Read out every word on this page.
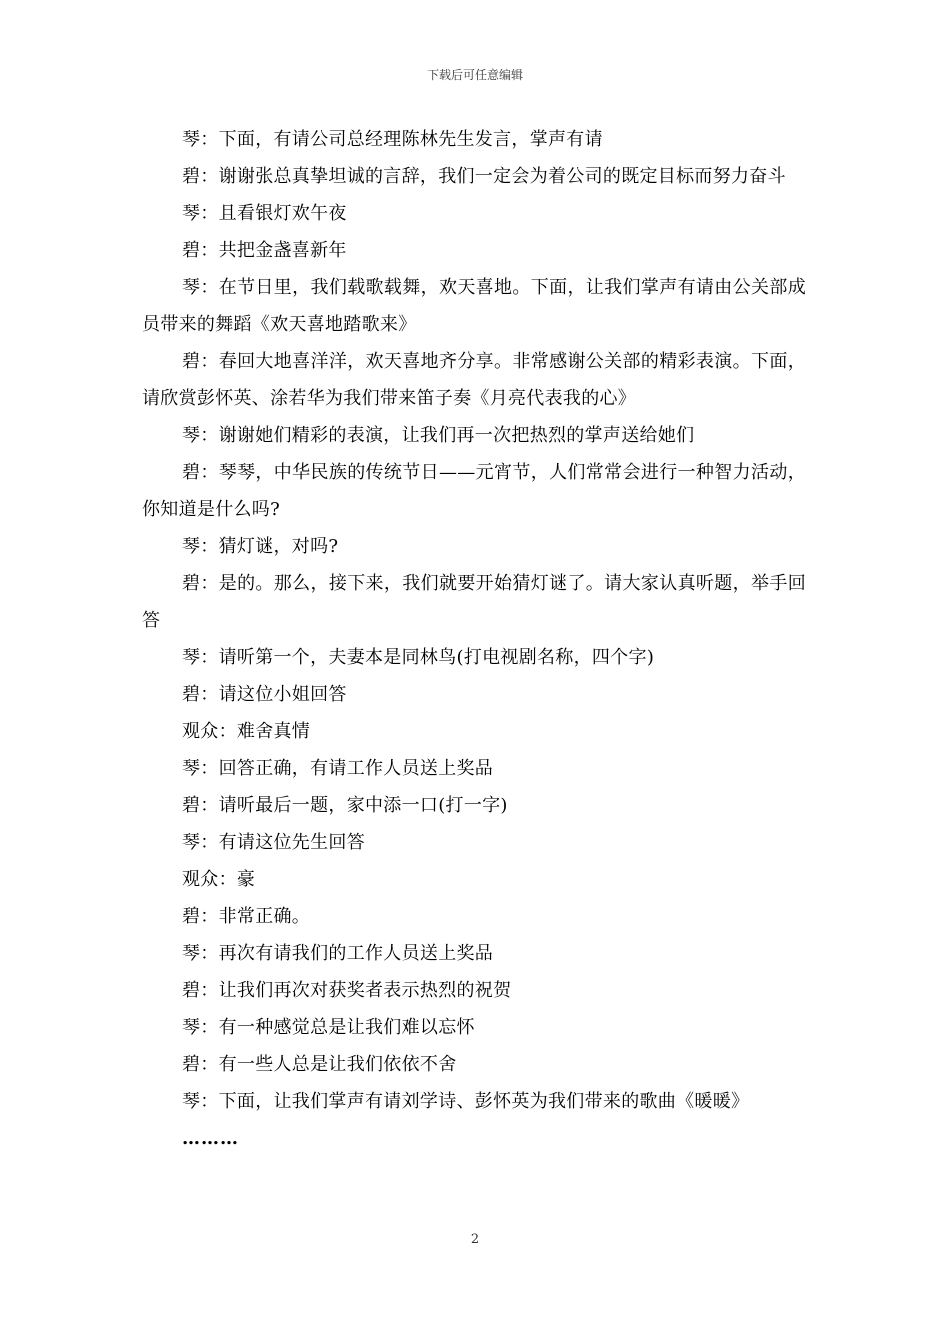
下载后可任意编辑

琴：下面，有请公司总经理陈林先生发言，掌声有请

碧：谢谢张总真挚坦诚的言辞，我们一定会为着公司的既定目标而努力奋斗

琴：且看银灯欢午夜

碧：共把金盏喜新年

琴：在节日里，我们载歌载舞，欢天喜地。下面，让我们掌声有请由公关部成员带来的舞蹈《欢天喜地踏歌来》

碧：春回大地喜洋洋，欢天喜地齐分享。非常感谢公关部的精彩表演。下面，请欣赏彭怀英、涂若华为我们带来笛子奏《月亮代表我的心》

琴：谢谢她们精彩的表演，让我们再一次把热烈的掌声送给她们

碧：琴琴，中华民族的传统节日——元宵节，人们常常会进行一种智力活动，你知道是什么吗?

琴：猜灯谜，对吗?

碧：是的。那么，接下来，我们就要开始猜灯谜了。请大家认真听题，举手回答

琴：请听第一个，夫妻本是同林鸟(打电视剧名称，四个字)

碧：请这位小姐回答

观众：难舍真情

琴：回答正确，有请工作人员送上奖品

碧：请听最后一题，家中添一口(打一字)

琴：有请这位先生回答

观众：豪

碧：非常正确。

琴：再次有请我们的工作人员送上奖品

碧：让我们再次对获奖者表示热烈的祝贺

琴：有一种感觉总是让我们难以忘怀

碧：有一些人总是让我们依依不舍

琴：下面，让我们掌声有请刘学诗、彭怀英为我们带来的歌曲《暖暖》

………

2
